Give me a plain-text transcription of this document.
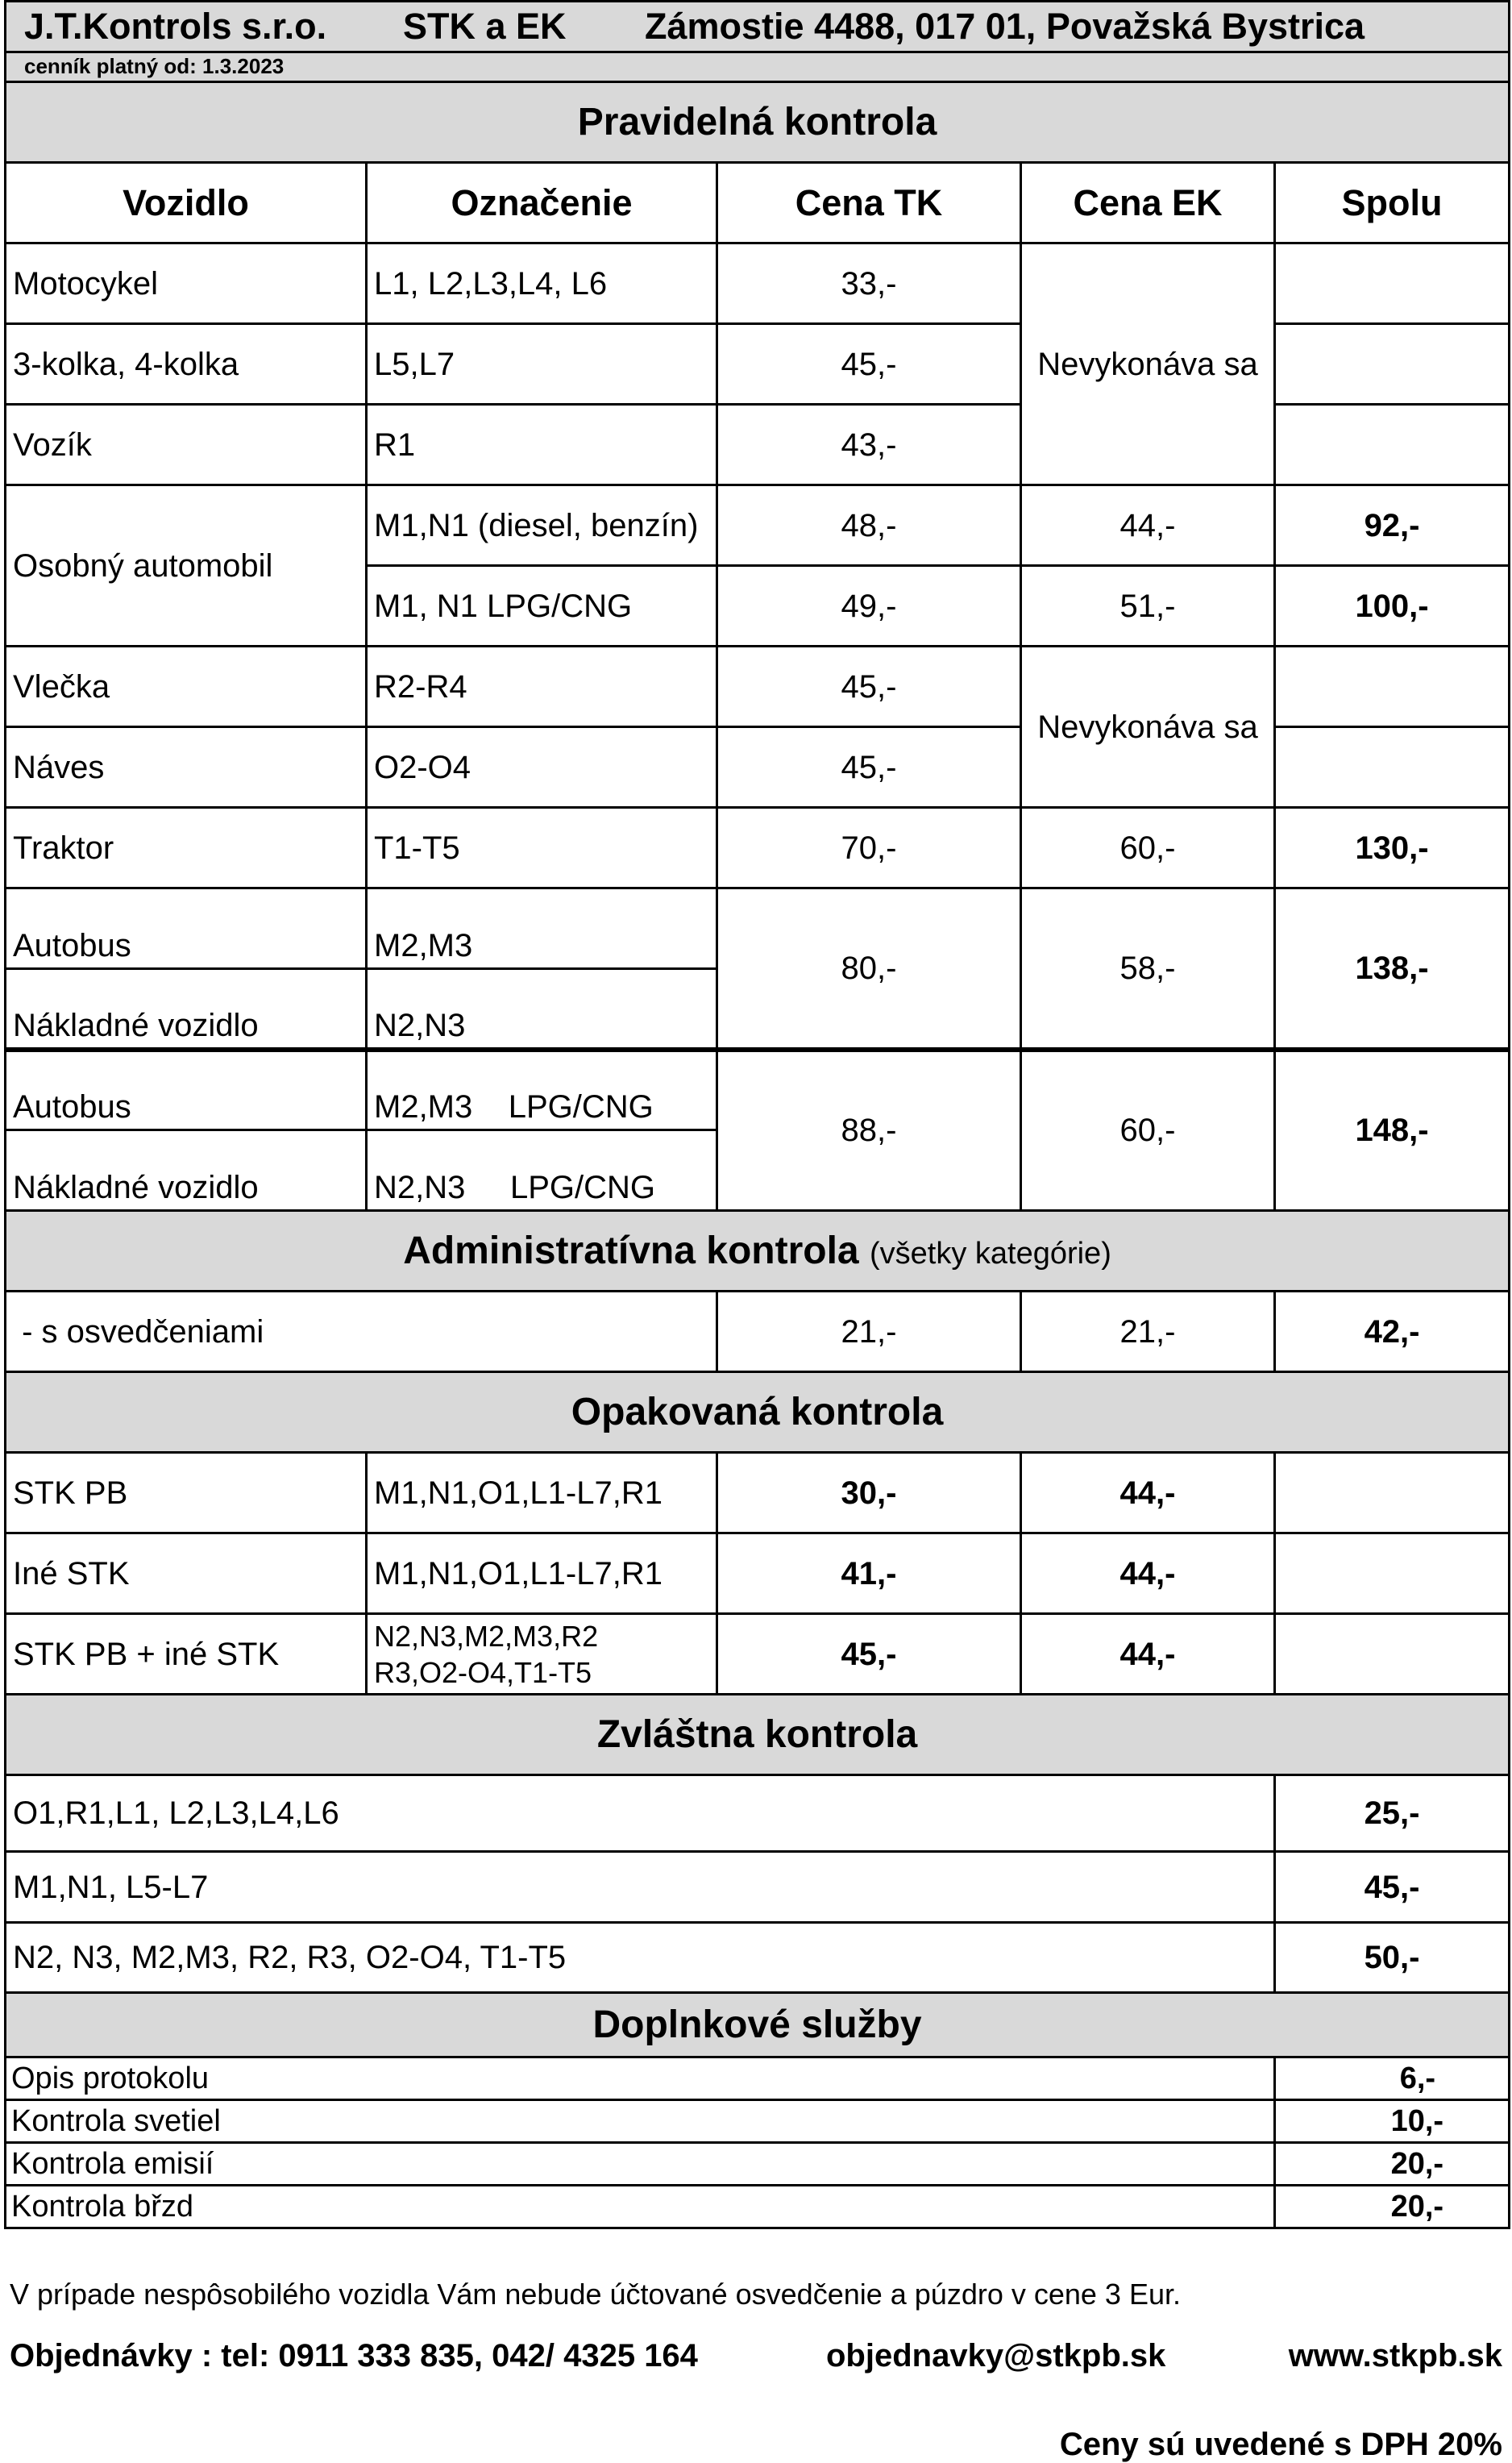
J.T.Kontrols s.r.o. STK a EK Zámostie 4488, 017 01, Považská Bystrica				

cenník platný od: 1.3.2023				
Pravidelná kontrola				
Vozidlo	Označenie	Cena TK	Cena EK	Spolu
Motocykel	L1, L2,L3,L4, L6	33,-	Nevykonáva sa	
3-kolka, 4-kolka	L5,L7	45,-		
Vozík	R1	43,-		
Osobný automobil	M1,N1 (diesel, benzín)	48,-	44,-	92,-
	M1, N1 LPG/CNG	49,-	51,-	100,-
Vlečka	R2-R4	45,-	Nevykonáva sa	
Náves	O2-O4	45,-		
Traktor	T1-T5	70,-	60,-	130,-
Autobus	M2,M3	80,-	58,-	138,-
Nákladné vozidlo	N2,N3			
Autobus	M2,M3    LPG/CNG	88,-	60,-	148,-
Nákladné vozidlo	N2,N3     LPG/CNG			
Administratívna kontrola (všetky kategórie)				
- s osvedčeniami		21,-	21,-	42,-
Opakovaná kontrola				
STK PB	M1,N1,O1,L1-L7,R1	30,-	44,-	
Iné STK	M1,N1,O1,L1-L7,R1	41,-	44,-	
STK PB + iné STK	N2,N3,M2,M3,R2
R3,O2-O4,T1-T5	45,-	44,-	
Zvláštna kontrola				
O1,R1,L1, L2,L3,L4,L6				25,-
M1,N1, L5-L7				45,-
N2, N3, M2,M3, R2, R3, O2-O4, T1-T5				50,-
Doplnkové služby				
Opis protokolu				6,-
Kontrola svetiel				10,-
Kontrola emisií				20,-
Kontrola břzd				20,-
V prípade nespôsobilého vozidla Vám nebude účtované osvedčenie a púzdro v cene 3 Eur.
Objednávky : tel: 0911 333 835, 042/ 4325 164	objednavky@stkpb.sk	www.stkpb.sk
Ceny sú uvedené s DPH 20%
